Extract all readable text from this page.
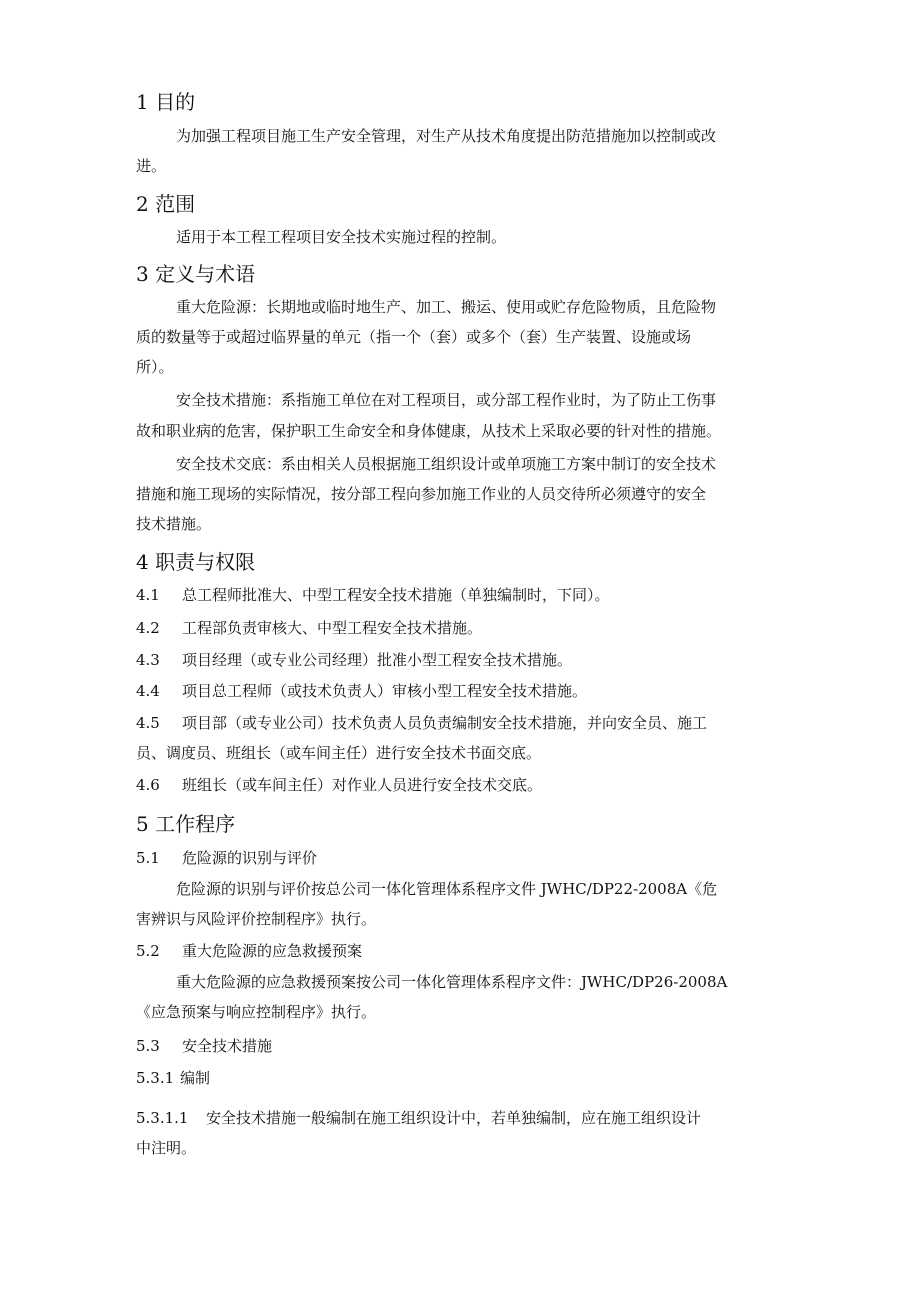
1 目的
为加强工程项目施工生产安全管理，对生产从技术角度提出防范措施加以控制或改
进。
2 范围
适用于本工程工程项目安全技术实施过程的控制。
3 定义与术语
重大危险源：长期地或临时地生产、加工、搬运、使用或贮存危险物质，且危险物
质的数量等于或超过临界量的单元（指一个（套）或多个（套）生产装置、设施或场
所）。
安全技术措施：系指施工单位在对工程项目，或分部工程作业时，为了防止工伤事
故和职业病的危害，保护职工生命安全和身体健康，从技术上采取必要的针对性的措施。
安全技术交底：系由相关人员根据施工组织设计或单项施工方案中制订的安全技术
措施和施工现场的实际情况，按分部工程向参加施工作业的人员交待所必须遵守的安全
技术措施。
4 职责与权限
4.1 总工程师批准大、中型工程安全技术措施（单独编制时，下同）。
4.2 工程部负责审核大、中型工程安全技术措施。
4.3 项目经理（或专业公司经理）批准小型工程安全技术措施。
4.4 项目总工程师（或技术负责人）审核小型工程安全技术措施。
4.5 项目部（或专业公司）技术负责人员负责编制安全技术措施，并向安全员、施工
员、调度员、班组长（或车间主任）进行安全技术书面交底。
4.6 班组长（或车间主任）对作业人员进行安全技术交底。
5 工作程序
5.1 危险源的识别与评价
危险源的识别与评价按总公司一体化管理体系程序文件 JWHC/DP22-2008A《危
害辨识与风险评价控制程序》执行。
5.2 重大危险源的应急救援预案
重大危险源的应急救援预案按公司一体化管理体系程序文件：JWHC/DP26-2008A
《应急预案与响应控制程序》执行。
5.3 安全技术措施
5.3.1 编制
5.3.1.1 安全技术措施一般编制在施工组织设计中，若单独编制，应在施工组织设计
中注明。
